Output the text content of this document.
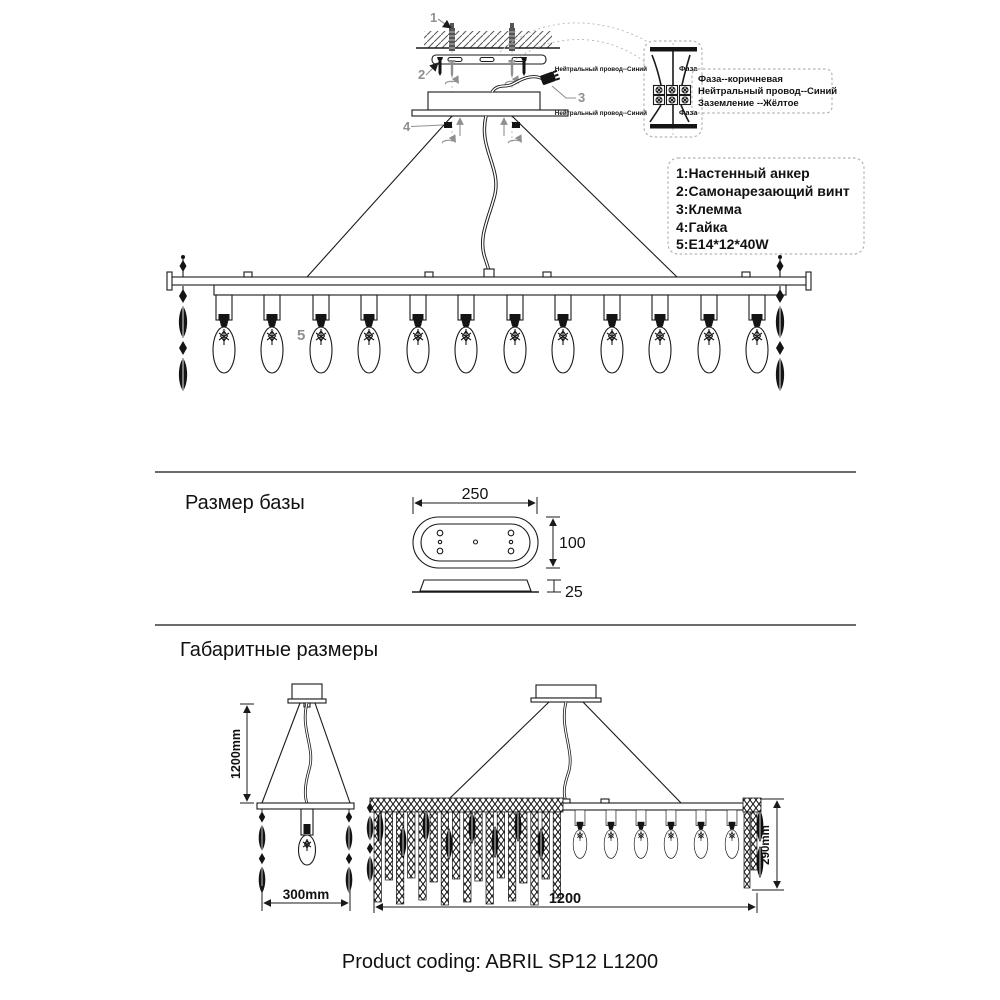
1
2
3
4
Нейтральный провод--Синий
Нейтральный провод--Синий
Фаза
Фаза
Фаза--коричневая
Нейтральный провод--Синий
Заземление --Жёлтое
1:Настенный анкер
2:Самонарезающий винт
3:Клемма
4:Гайка
5:E14*12*40W
5
Размер базы	250
100
25
Габаритные размеры
1200mm
300mm	1200
290mm
Product coding: ABRIL SP12 L1200
